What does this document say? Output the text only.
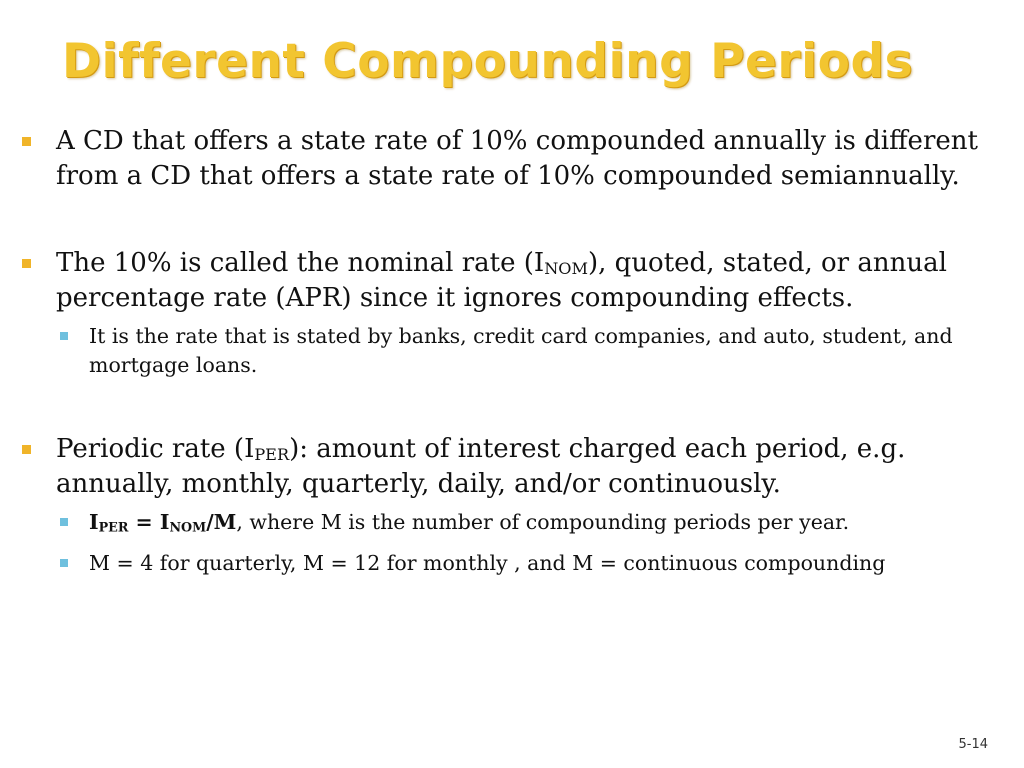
Different Compounding Periods

A CD that offers a state rate of 10% compounded annually is different from a CD that offers a state rate of 10% compounded semiannually.

The 10% is called the nominal rate $(I_{NOM})$, quoted, stated, or annual percentage rate (APR) since it ignores compounding effects.

It is the rate that is stated by banks, credit card companies, and auto, student, and mortgage loans.

Periodic rate $(I_{PER})$: amount of interest charged each period, e.g. annually, monthly, quarterly, daily, and/or continuously.

$I_{PER} = I_{NOM}/M$, where M is the number of compounding periods per year.

M = 4 for quarterly, M = 12 for monthly , and M = continuous compounding

5-14
